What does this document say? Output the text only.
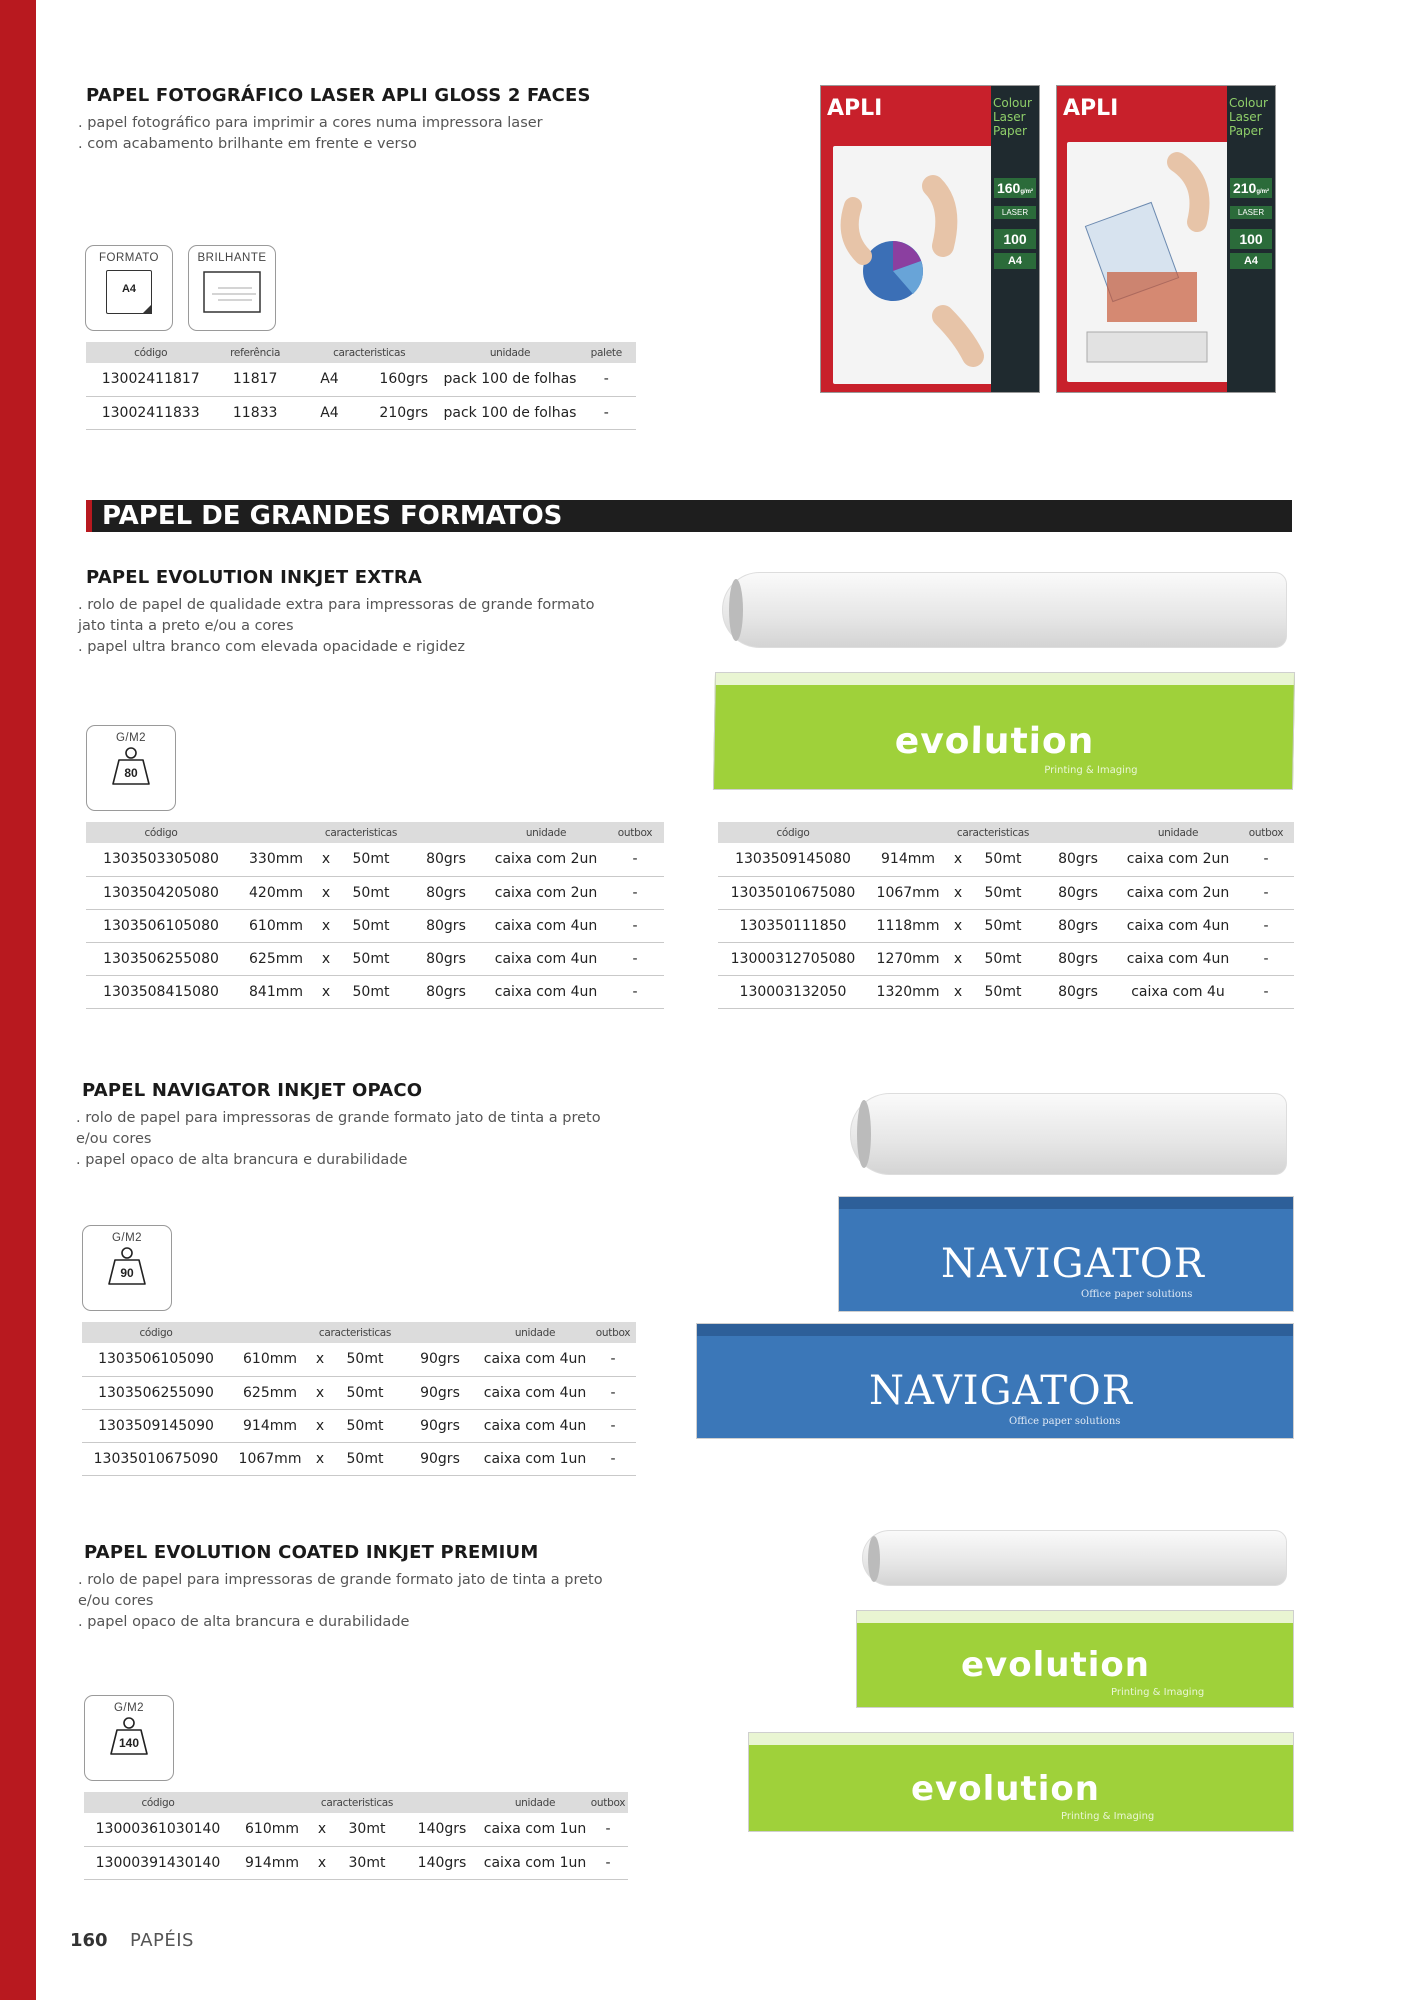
PAPEL FOTOGRÁFICO LASER APLI GLOSS 2 FACES
. papel fotográfico para imprimir a cores numa impressora laser
. com acabamento brilhante em frente e verso
FORMATO
A4
BRILHANTE
código	referência	caracteristicas		unidade	palete
13002411817	11817	A4	160grs	pack 100 de folhas	-
13002411833	11833	A4	210grs	pack 100 de folhas	-
APLI	Colour
Laser
Paper
160g/m²
LASER
100
A4
APLI	Colour
Laser
Paper
210g/m²
LASER
100
A4
PAPEL DE GRANDES FORMATOS
PAPEL EVOLUTION INKJET EXTRA
. rolo de papel de qualidade extra para impressoras de grande formato
jato tinta a preto e/ou a cores
. papel ultra branco com elevada opacidade e rigidez
G/M2
80
código	caracteristicas				unidade	outbox
1303503305080	330mm	x	50mt	80grs	caixa com 2un	-
1303504205080	420mm	x	50mt	80grs	caixa com 2un	-
1303506105080	610mm	x	50mt	80grs	caixa com 4un	-
1303506255080	625mm	x	50mt	80grs	caixa com 4un	-
1303508415080	841mm	x	50mt	80grs	caixa com 4un	-
código	caracteristicas				unidade	outbox
1303509145080	914mm	x	50mt	80grs	caixa com 2un	-
13035010675080	1067mm	x	50mt	80grs	caixa com 2un	-
130350111850	1118mm	x	50mt	80grs	caixa com 4un	-
13000312705080	1270mm	x	50mt	80grs	caixa com 4un	-
130003132050	1320mm	x	50mt	80grs	caixa com 4u	-
evolution
Printing & Imaging
PAPEL NAVIGATOR INKJET OPACO
. rolo de papel para impressoras de grande formato jato de tinta a preto
e/ou cores
. papel opaco de alta brancura e durabilidade
G/M2
90
código	caracteristicas				unidade	outbox
1303506105090	610mm	x	50mt	90grs	caixa com 4un	-
1303506255090	625mm	x	50mt	90grs	caixa com 4un	-
1303509145090	914mm	x	50mt	90grs	caixa com 4un	-
13035010675090	1067mm	x	50mt	90grs	caixa com 1un	-
NAVIGATOR
Office paper solutions
NAVIGATOR
Office paper solutions
PAPEL EVOLUTION COATED INKJET PREMIUM
. rolo de papel para impressoras de grande formato jato de tinta a preto
e/ou cores
. papel opaco de alta brancura e durabilidade
G/M2
140
código	caracteristicas				unidade	outbox
13000361030140	610mm	x	30mt	140grs	caixa com 1un	-
13000391430140	914mm	x	30mt	140grs	caixa com 1un	-
evolution
Printing & Imaging
evolution
Printing & Imaging
160 PAPÉIS
